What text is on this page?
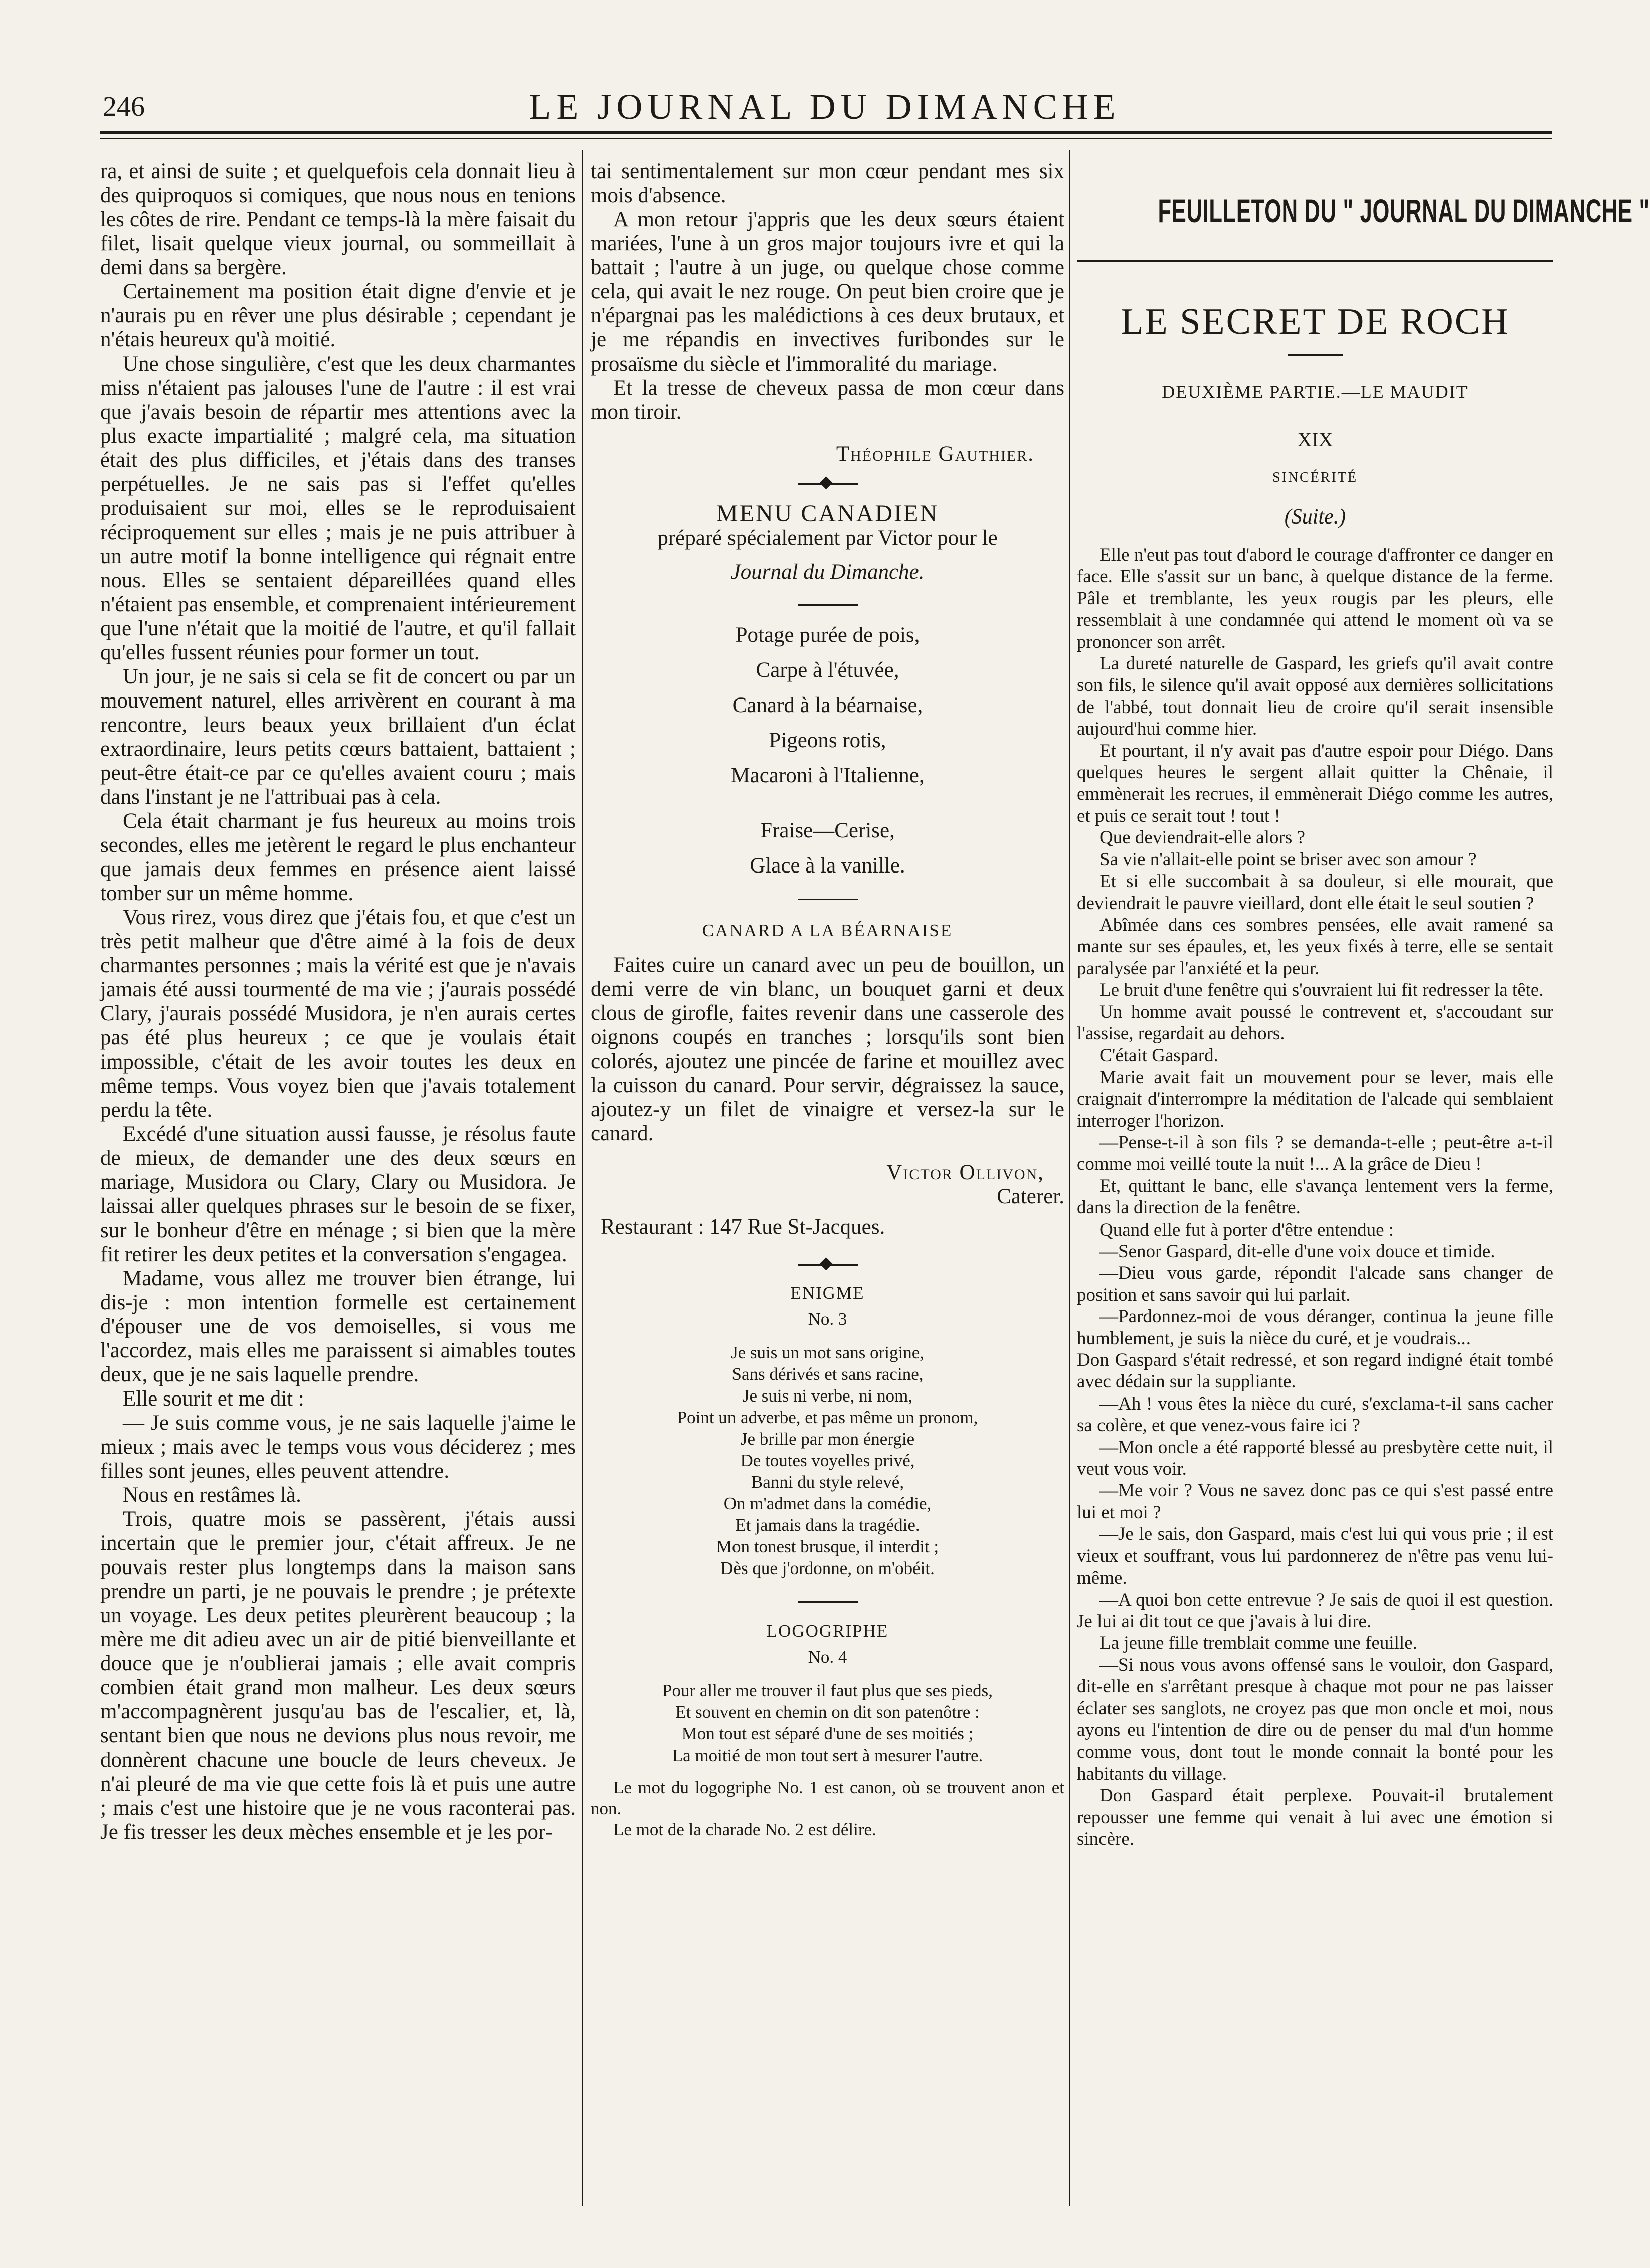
246	LE JOURNAL DU DIMANCHE

ra, et ainsi de suite ; et quelquefois cela donnait lieu à des quiproquos si comiques, que nous nous en tenions les côtes de rire. Pendant ce temps-là la mère faisait du filet, lisait quelque vieux journal, ou sommeillait à demi dans sa bergère.

Certainement ma position était digne d'envie et je n'aurais pu en rêver une plus désirable ; cependant je n'étais heureux qu'à moitié.

Une chose singulière, c'est que les deux charmantes miss n'étaient pas jalouses l'une de l'autre : il est vrai que j'avais besoin de répartir mes attentions avec la plus exacte impartialité ; malgré cela, ma situation était des plus difficiles, et j'étais dans des transes perpétuelles. Je ne sais pas si l'effet qu'elles produisaient sur moi, elles se le reproduisaient réciproquement sur elles ; mais je ne puis attribuer à un autre motif la bonne intelligence qui régnait entre nous. Elles se sentaient dépareillées quand elles n'étaient pas ensemble, et comprenaient intérieurement que l'une n'était que la moitié de l'autre, et qu'il fallait qu'elles fussent réunies pour former un tout.

Un jour, je ne sais si cela se fit de concert ou par un mouvement naturel, elles arrivèrent en courant à ma rencontre, leurs beaux yeux brillaient d'un éclat extraordinaire, leurs petits cœurs battaient, battaient ; peut-être était-ce par ce qu'elles avaient couru ; mais dans l'instant je ne l'attribuai pas à cela.

Cela était charmant je fus heureux au moins trois secondes, elles me jetèrent le regard le plus enchanteur que jamais deux femmes en présence aient laissé tomber sur un même homme.

Vous rirez, vous direz que j'étais fou, et que c'est un très petit malheur que d'être aimé à la fois de deux charmantes personnes ; mais la vérité est que je n'avais jamais été aussi tourmenté de ma vie ; j'aurais possédé Clary, j'aurais possédé Musidora, je n'en aurais certes pas été plus heureux ; ce que je voulais était impossible, c'était de les avoir toutes les deux en même temps. Vous voyez bien que j'avais totalement perdu la tête.

Excédé d'une situation aussi fausse, je résolus faute de mieux, de demander une des deux sœurs en mariage, Musidora ou Clary, Clary ou Musidora. Je laissai aller quelques phrases sur le besoin de se fixer, sur le bonheur d'être en ménage ; si bien que la mère fit retirer les deux petites et la conversation s'engagea.

Madame, vous allez me trouver bien étrange, lui dis-je : mon intention formelle est certainement d'épouser une de vos demoiselles, si vous me l'accordez, mais elles me paraissent si aimables toutes deux, que je ne sais laquelle prendre.

Elle sourit et me dit :

— Je suis comme vous, je ne sais laquelle j'aime le mieux ; mais avec le temps vous vous déciderez ; mes filles sont jeunes, elles peuvent attendre.

Nous en restâmes là.

Trois, quatre mois se passèrent, j'étais aussi incertain que le premier jour, c'était affreux. Je ne pouvais rester plus longtemps dans la maison sans prendre un parti, je ne pouvais le prendre ; je prétexte un voyage. Les deux petites pleurèrent beaucoup ; la mère me dit adieu avec un air de pitié bienveillante et douce que je n'oublierai jamais ; elle avait compris combien était grand mon malheur. Les deux sœurs m'accompagnèrent jusqu'au bas de l'escalier, et, là, sentant bien que nous ne devions plus nous revoir, me donnèrent chacune une boucle de leurs cheveux. Je n'ai pleuré de ma vie que cette fois là et puis une autre ; mais c'est une histoire que je ne vous raconterai pas. Je fis tresser les deux mèches ensemble et je les por-

tai sentimentalement sur mon cœur pendant mes six mois d'absence.

A mon retour j'appris que les deux sœurs étaient mariées, l'une à un gros major toujours ivre et qui la battait ; l'autre à un juge, ou quelque chose comme cela, qui avait le nez rouge. On peut bien croire que je n'épargnai pas les malédictions à ces deux brutaux, et je me répandis en invectives furibondes sur le prosaïsme du siècle et l'immoralité du mariage.

Et la tresse de cheveux passa de mon cœur dans mon tiroir.

Théophile Gauthier.

◆

MENU CANADIEN

préparé spécialement par Victor pour le

Journal du Dimanche.

Potage purée de pois,

Carpe à l'étuvée,

Canard à la béarnaise,

Pigeons rotis,

Macaroni à l'Italienne,

Fraise—Cerise,

Glace à la vanille.

CANARD A LA BÉARNAISE

Faites cuire un canard avec un peu de bouillon, un demi verre de vin blanc, un bouquet garni et deux clous de girofle, faites revenir dans une casserole des oignons coupés en tranches ; lorsqu'ils sont bien colorés, ajoutez une pincée de farine et mouillez avec la cuisson du canard. Pour servir, dégraissez la sauce, ajoutez-y un filet de vinaigre et versez-la sur le canard.

Victor Ollivon,

Caterer.

Restaurant : 147 Rue St-Jacques.

◆

ENIGME

No. 3

Je suis un mot sans origine,

Sans dérivés et sans racine,

Je suis ni verbe, ni nom,

Point un adverbe, et pas même un pronom,

Je brille par mon énergie

De toutes voyelles privé,

Banni du style relevé,

On m'admet dans la comédie,

Et jamais dans la tragédie.

Mon tonest brusque, il interdit ;

Dès que j'ordonne, on m'obéit.

LOGOGRIPHE

No. 4

Pour aller me trouver il faut plus que ses pieds,

Et souvent en chemin on dit son patenôtre :

Mon tout est séparé d'une de ses moitiés ;

La moitié de mon tout sert à mesurer l'autre.

Le mot du logogriphe No. 1 est canon, où se trouvent anon et non.

Le mot de la charade No. 2 est délire.

FEUILLETON DU " JOURNAL DU DIMANCHE "
LE SECRET DE ROCH

DEUXIÈME PARTIE.—LE MAUDIT

XIX

SINCÉRITÉ

(Suite.)

Elle n'eut pas tout d'abord le courage d'affronter ce danger en face. Elle s'assit sur un banc, à quelque distance de la ferme. Pâle et tremblante, les yeux rougis par les pleurs, elle ressemblait à une condamnée qui attend le moment où va se prononcer son arrêt.

La dureté naturelle de Gaspard, les griefs qu'il avait contre son fils, le silence qu'il avait opposé aux dernières sollicitations de l'abbé, tout donnait lieu de croire qu'il serait insensible aujourd'hui comme hier.

Et pourtant, il n'y avait pas d'autre espoir pour Diégo. Dans quelques heures le sergent allait quitter la Chênaie, il emmènerait les recrues, il emmènerait Diégo comme les autres, et puis ce serait tout ! tout !

Que deviendrait-elle alors ?

Sa vie n'allait-elle point se briser avec son amour ?

Et si elle succombait à sa douleur, si elle mourait, que deviendrait le pauvre vieillard, dont elle était le seul soutien ?

Abîmée dans ces sombres pensées, elle avait ramené sa mante sur ses épaules, et, les yeux fixés à terre, elle se sentait paralysée par l'anxiété et la peur.

Le bruit d'une fenêtre qui s'ouvraient lui fit redresser la tête.

Un homme avait poussé le contrevent et, s'accoudant sur l'assise, regardait au dehors.

C'était Gaspard.

Marie avait fait un mouvement pour se lever, mais elle craignait d'interrompre la méditation de l'alcade qui semblaient interroger l'horizon.

—Pense-t-il à son fils ? se demanda-t-elle ; peut-être a-t-il comme moi veillé toute la nuit !... A la grâce de Dieu !

Et, quittant le banc, elle s'avança lentement vers la ferme, dans la direction de la fenêtre.

Quand elle fut à porter d'être entendue :

—Senor Gaspard, dit-elle d'une voix douce et timide.

—Dieu vous garde, répondit l'alcade sans changer de position et sans savoir qui lui parlait.

—Pardonnez-moi de vous déranger, continua la jeune fille humblement, je suis la nièce du curé, et je voudrais...

Don Gaspard s'était redressé, et son regard indigné était tombé avec dédain sur la suppliante.

—Ah ! vous êtes la nièce du curé, s'exclama-t-il sans cacher sa colère, et que venez-vous faire ici ?

—Mon oncle a été rapporté blessé au presbytère cette nuit, il veut vous voir.

—Me voir ? Vous ne savez donc pas ce qui s'est passé entre lui et moi ?

—Je le sais, don Gaspard, mais c'est lui qui vous prie ; il est vieux et souffrant, vous lui pardonnerez de n'être pas venu lui-même.

—A quoi bon cette entrevue ? Je sais de quoi il est question. Je lui ai dit tout ce que j'avais à lui dire.

La jeune fille tremblait comme une feuille.

—Si nous vous avons offensé sans le vouloir, don Gaspard, dit-elle en s'arrêtant presque à chaque mot pour ne pas laisser éclater ses sanglots, ne croyez pas que mon oncle et moi, nous ayons eu l'intention de dire ou de penser du mal d'un homme comme vous, dont tout le monde connait la bonté pour les habitants du village.

Don Gaspard était perplexe. Pouvait-il brutalement repousser une femme qui venait à lui avec une émotion si sincère.
